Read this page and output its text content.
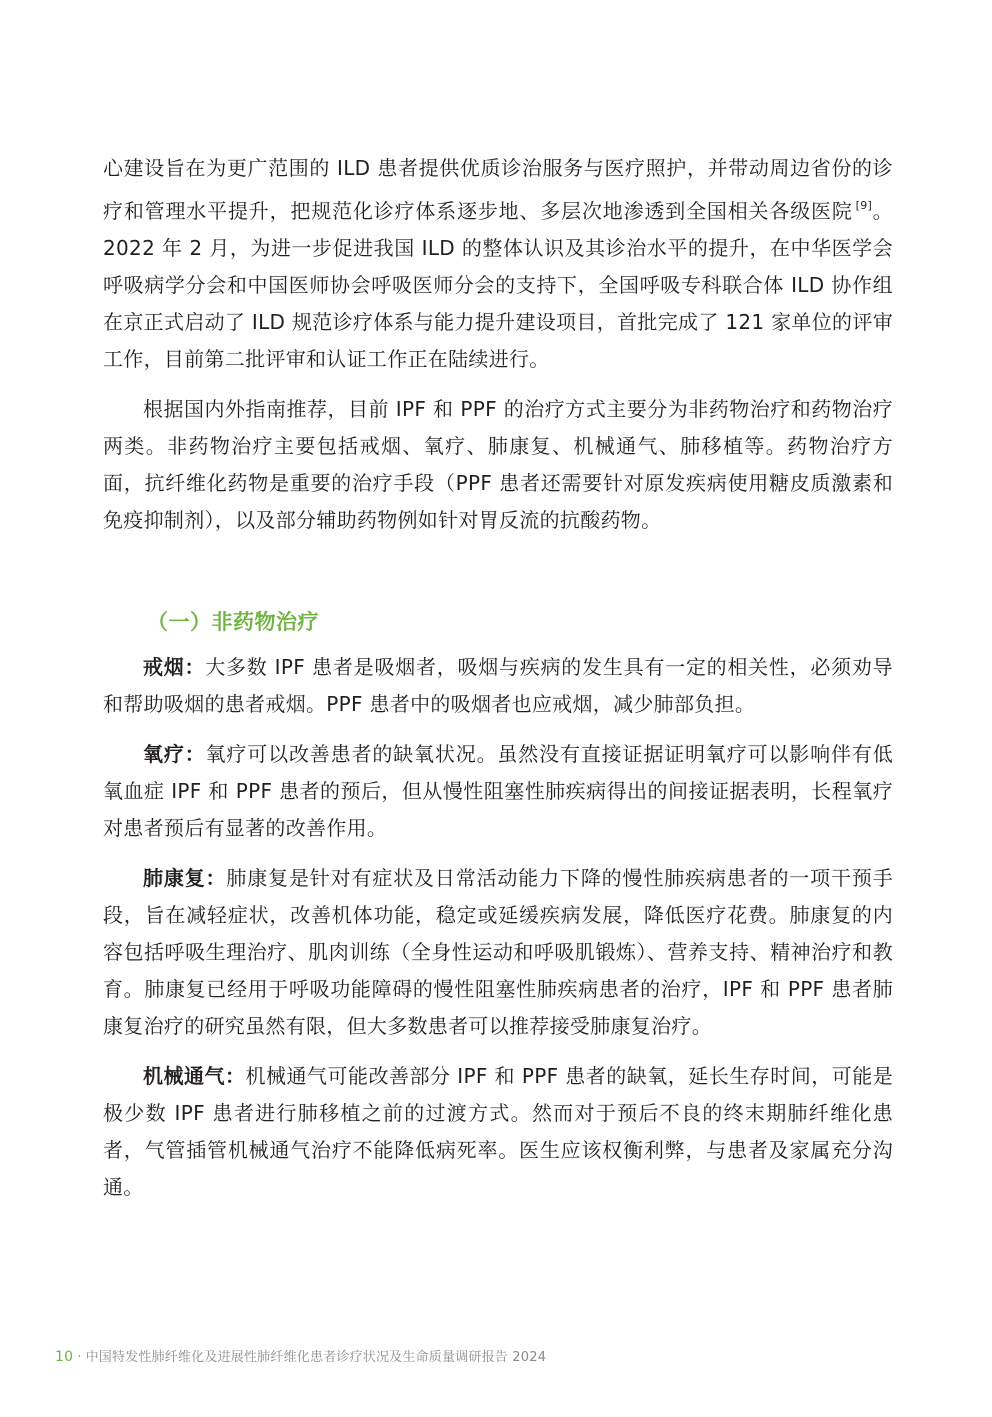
心建设旨在为更广范围的 ILD 患者提供优质诊治服务与医疗照护，并带动周边省份的诊疗和管理水平提升，把规范化诊疗体系逐步地、多层次地渗透到全国相关各级医院 [9]。2022 年 2 月，为进一步促进我国 ILD 的整体认识及其诊治水平的提升，在中华医学会呼吸病学分会和中国医师协会呼吸医师分会的支持下，全国呼吸专科联合体 ILD 协作组在京正式启动了 ILD 规范诊疗体系与能力提升建设项目，首批完成了 121 家单位的评审工作，目前第二批评审和认证工作正在陆续进行。

根据国内外指南推荐，目前 IPF 和 PPF 的治疗方式主要分为非药物治疗和药物治疗两类。非药物治疗主要包括戒烟、氧疗、肺康复、机械通气、肺移植等。药物治疗方面，抗纤维化药物是重要的治疗手段（PPF 患者还需要针对原发疾病使用糖皮质激素和免疫抑制剂），以及部分辅助药物例如针对胃反流的抗酸药物。

（一）非药物治疗

戒烟：大多数 IPF 患者是吸烟者，吸烟与疾病的发生具有一定的相关性，必须劝导和帮助吸烟的患者戒烟。PPF 患者中的吸烟者也应戒烟，减少肺部负担。

氧疗：氧疗可以改善患者的缺氧状况。虽然没有直接证据证明氧疗可以影响伴有低氧血症 IPF 和 PPF 患者的预后，但从慢性阻塞性肺疾病得出的间接证据表明，长程氧疗对患者预后有显著的改善作用。

肺康复：肺康复是针对有症状及日常活动能力下降的慢性肺疾病患者的一项干预手段，旨在减轻症状，改善机体功能，稳定或延缓疾病发展，降低医疗花费。肺康复的内容包括呼吸生理治疗、肌肉训练（全身性运动和呼吸肌锻炼）、营养支持、精神治疗和教育。肺康复已经用于呼吸功能障碍的慢性阻塞性肺疾病患者的治疗，IPF 和 PPF 患者肺康复治疗的研究虽然有限，但大多数患者可以推荐接受肺康复治疗。

机械通气：机械通气可能改善部分 IPF 和 PPF 患者的缺氧，延长生存时间，可能是极少数 IPF 患者进行肺移植之前的过渡方式。然而对于预后不良的终末期肺纤维化患者，气管插管机械通气治疗不能降低病死率。医生应该权衡利弊，与患者及家属充分沟通。

10 · 中国特发性肺纤维化及进展性肺纤维化患者诊疗状况及生命质量调研报告 2024
